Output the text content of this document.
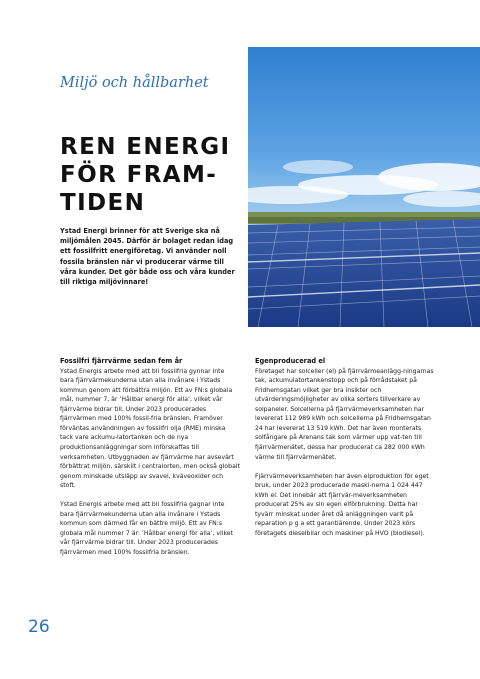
Miljö och hållbarhet
REN ENERGI
FÖR FRAM-
TIDEN

Ystad Energi brinner för att Sverige ska nå miljömålen 2045. Därför är bolaget redan idag ett fossilfritt energiföretag. Vi använder noll fossila bränslen när vi producerar värme till våra kunder. Det gör både oss och våra kunder till riktiga miljövinnare!

Fossilfri fjärrvärme sedan fem år

Ystad Energis arbete med att bli fossilfria gynnar inte bara fjärrvärmekunderna utan alla invånare i Ystads kommun genom att förbättra miljön. Ett av FN:s globala mål, nummer 7, är ’Hållbar energi för alla’, vilket vår fjärrvärme bidrar till. Under 2023 producerades fjärrvärmen med 100% fossil-fria bränslen. Framöver förväntas användningen av fossilfri olja (RME) minska tack vare ackumu-latortanken och de nya produktionsanläggningar som införskaffas till verksamheten. Utbyggnaden av fjärrvärme har avsevärt förbättrat miljön, särskilt i centralorten, men också globalt genom minskade utsläpp av svavel, kväveoxider och stoft.

Ystad Energis arbete med att bli fossilfria gagnar inte bara fjärrvärmekunderna utan alla invånare i Ystads kommun som därmed får en bättre miljö. Ett av FN:s globala mål nummer 7 är: ’Hållbar energi för alla’, vilket vår fjärrvärme bidrar till. Under 2023 producerades fjärrvärmen med 100% fossilfria bränslen.

Egenproducerad el

Företaget har solceller (el) på fjärrvärmeanlägg-ningarnas tak, ackumulatortankenstopp och på förrådstaket på Fridhemsgatan vilket ger bra insikter och utvärderingsmöjligheter av olika sorters tillverkare av solpaneler. Solcellerna på fjärrvärmeverksamheten har levererat 112 989 kWh och solcellerna på Fridhemsgatan 24 har levererat 13 519 kWh. Det har även monterats solfångare på Arenans tak som värmer upp vat-ten till fjärrvärmenätet, dessa har producerat ca 282 000 kWh värme till fjärrvärmenätet.

Fjärrvärmeverksamheten har även elproduktion för eget bruk, under 2023 producerade maski-nerna 1 024 447 kWh el. Det innebär att fjärrvär-meverksamheten producerat 25% av sin egen elförbrukning. Detta har tyvärr minskat under året då anläggningen varit på reparation p g a ett garantiärende. Under 2023 körs företagets dieselbilar och maskiner på HVO (biodiesel).

26
